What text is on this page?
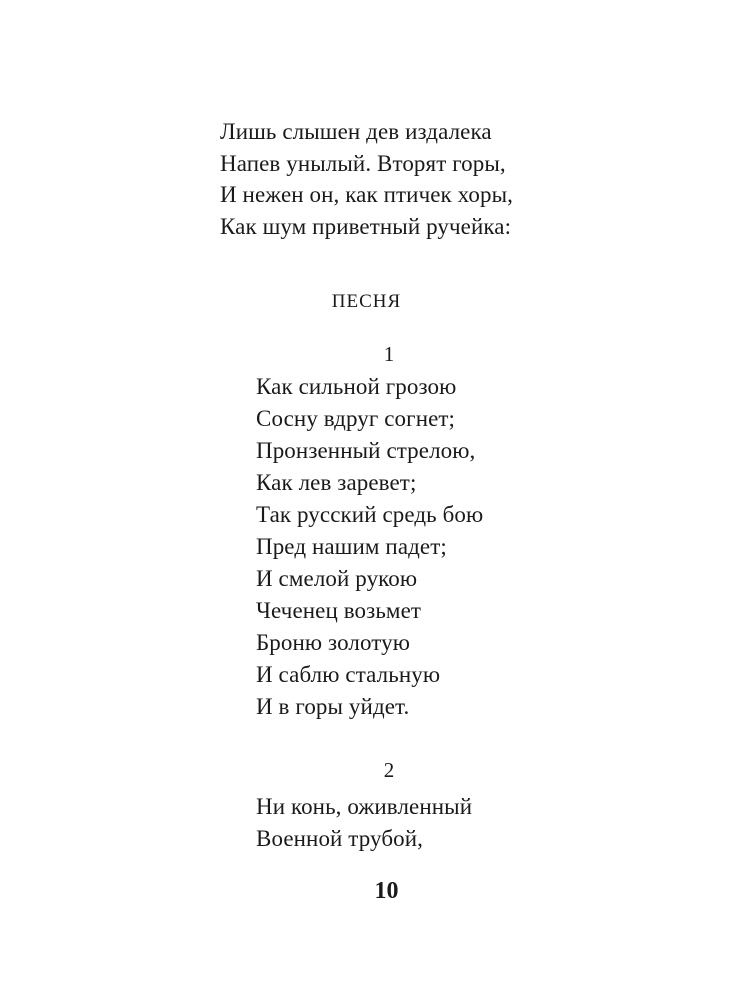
Лишь слышен дев издалека
Напев унылый. Вторят горы,
И нежен он, как птичек хоры,
Как шум приветный ручейка:
ПЕСНЯ
1
Как сильной грозою
Сосну вдруг согнет;
Пронзенный стрелою,
Как лев заревет;
Так русский средь бою
Пред нашим падет;
И смелой рукою
Чеченец возьмет
Броню золотую
И саблю стальную
И в горы уйдет.
2
Ни конь, оживленный
Военной трубой,
10
